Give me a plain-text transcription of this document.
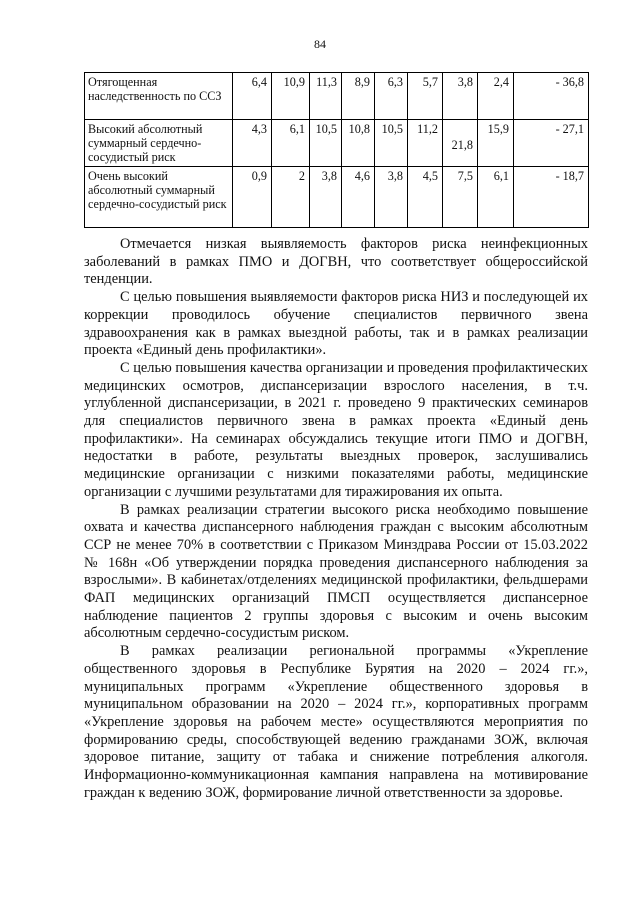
84
Отягощенная наследственность по ССЗ	6,4	10,9	11,3	8,9	6,3	5,7	3,8	2,4	- 36,8
Высокий абсолютный суммарный сердечно-сосудистый риск	4,3	6,1	10,5	10,8	10,5	11,2	21,8	15,9	- 27,1
Очень высокий абсолютный суммарный сердечно-сосудистый риск	0,9	2	3,8	4,6	3,8	4,5	7,5	6,1	- 18,7

Отмечается низкая выявляемость факторов риска неинфекционных заболеваний в рамках ПМО и ДОГВН, что соответствует общероссийской тенденции.

С целью повышения выявляемости факторов риска НИЗ и последующей их коррекции проводилось обучение специалистов первичного звена здравоохранения как в рамках выездной работы, так и в рамках реализации проекта «Единый день профилактики».

С целью повышения качества организации и проведения профилактических медицинских осмотров, диспансеризации взрослого населения, в т.ч. углубленной диспансеризации, в 2021 г. проведено 9 практических семинаров для специалистов первичного звена в рамках проекта «Единый день профилактики». На семинарах обсуждались текущие итоги ПМО и ДОГВН, недостатки в работе, результаты выездных проверок, заслушивались медицинские организации с низкими показателями работы, медицинские организации с лучшими результатами для тиражирования их опыта.

В рамках реализации стратегии высокого риска необходимо повышение охвата и качества диспансерного наблюдения граждан с высоким абсолютным ССР не менее 70% в соответствии с Приказом Минздрава России от 15.03.2022 № 168н «Об утверждении порядка проведения диспансерного наблюдения за взрослыми». В кабинетах/отделениях медицинской профилактики, фельдшерами ФАП медицинских организаций ПМСП осуществляется диспансерное наблюдение пациентов 2 группы здоровья с высоким и очень высоким абсолютным сердечно-сосудистым риском.

В рамках реализации региональной программы «Укрепление общественного здоровья в Республике Бурятия на 2020 – 2024 гг.», муниципальных программ «Укрепление общественного здоровья в муниципальном образовании на 2020 – 2024 гг.», корпоративных программ «Укрепление здоровья на рабочем месте» осуществляются мероприятия по формированию среды, способствующей ведению гражданами ЗОЖ, включая здоровое питание, защиту от табака и снижение потребления алкоголя. Информационно-коммуникационная кампания направлена на мотивирование граждан к ведению ЗОЖ, формирование личной ответственности за здоровье.
